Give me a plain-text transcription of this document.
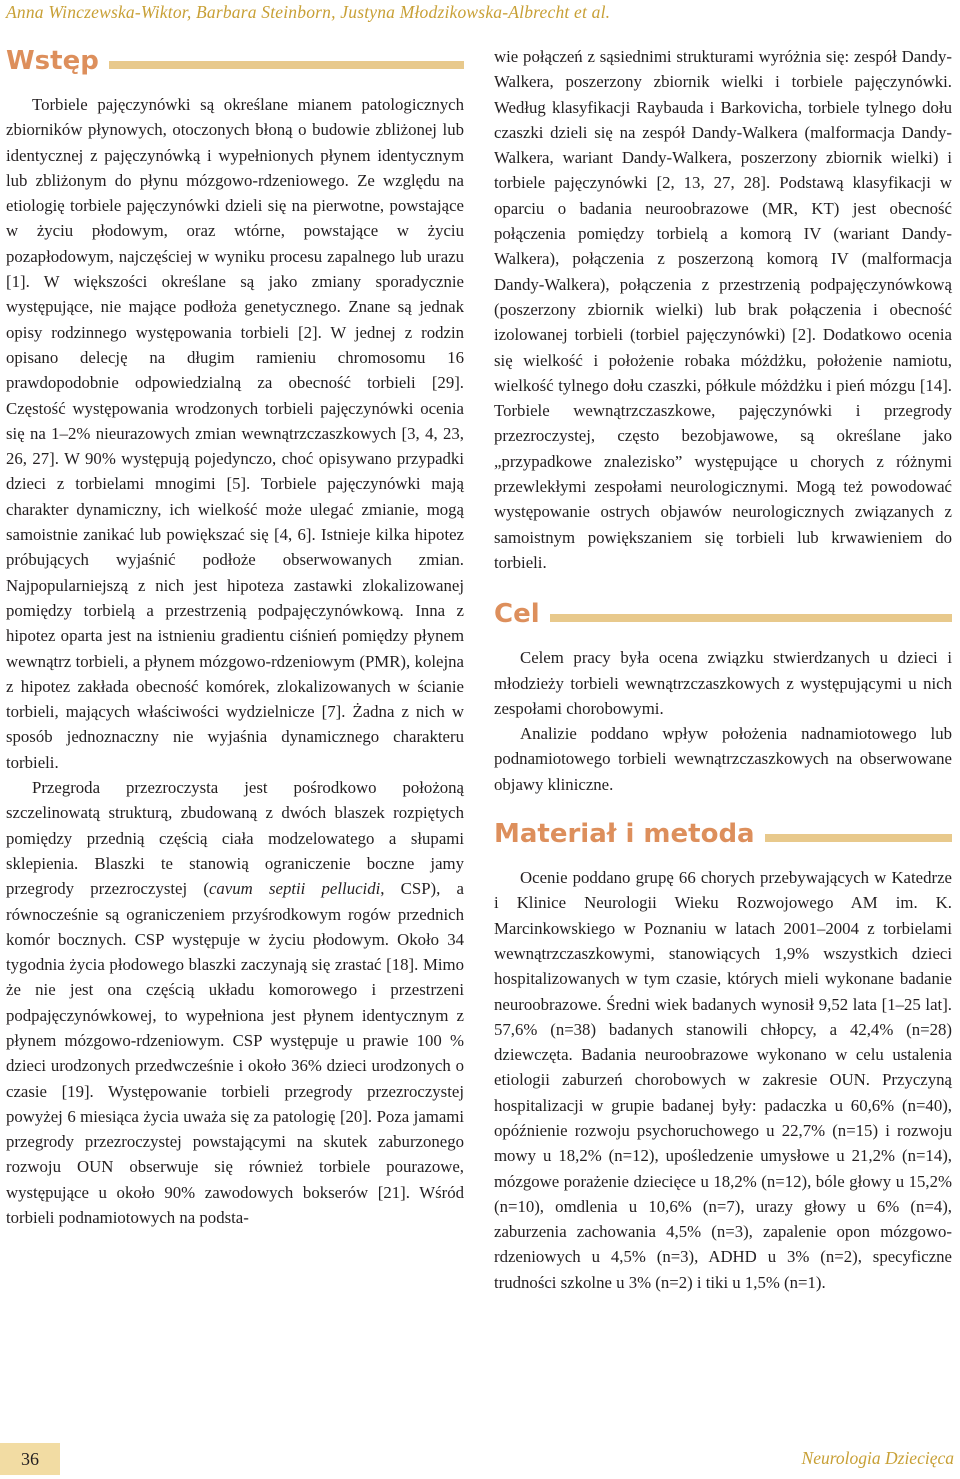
Anna Winczewska-Wiktor, Barbara Steinborn, Justyna Młodzikowska-Albrecht et al.
Wstęp

Torbiele pajęczynówki są określane mianem patologicznych zbiorników płynowych, otoczonych błoną o budowie zbliżonej lub identycznej z pajęczynówką i wypełnionych płynem identycznym lub zbliżonym do płynu mózgowo-rdzeniowego. Ze względu na etiologię torbiele pajęczynówki dzieli się na pierwotne, powstające w życiu płodowym, oraz wtórne, powstające w życiu pozapłodowym, najczęściej w wyniku procesu zapalnego lub urazu [1]. W większości określane są jako zmiany sporadycznie występujące, nie mające podłoża genetycznego. Znane są jednak opisy rodzinnego występowania torbieli [2]. W jednej z rodzin opisano delecję na długim ramieniu chromosomu 16 prawdopodobnie odpowiedzialną za obecność torbieli [29]. Częstość występowania wrodzonych torbieli pajęczynówki ocenia się na 1–2% nieurazowych zmian wewnątrzczaszkowych [3, 4, 23, 26, 27]. W 90% występują pojedynczo, choć opisywano przypadki dzieci z torbielami mnogimi [5]. Torbiele pajęczynówki mają charakter dynamiczny, ich wielkość może ulegać zmianie, mogą samoistnie zanikać lub powiększać się [4, 6]. Istnieje kilka hipotez próbujących wyjaśnić podłoże obserwowanych zmian. Najpopularniejszą z nich jest hipoteza zastawki zlokalizowanej pomiędzy torbielą a przestrzenią podpajęczynówkową. Inna z hipotez oparta jest na istnieniu gradientu ciśnień pomiędzy płynem wewnątrz torbieli, a płynem mózgowo-rdzeniowym (PMR), kolejna z hipotez zakłada obecność komórek, zlokalizowanych w ścianie torbieli, mających właściwości wydzielnicze [7]. Żadna z nich w sposób jednoznaczny nie wyjaśnia dynamicznego charakteru torbieli.

Przegroda przezroczysta jest pośrodkowo położoną szczelinowatą strukturą, zbudowaną z dwóch blaszek rozpiętych pomiędzy przednią częścią ciała modzelowatego a słupami sklepienia. Blaszki te stanowią ograniczenie boczne jamy przegrody przezroczystej (cavum septii pellucidi, CSP), a równocześnie są ograniczeniem przyśrodkowym rogów przednich komór bocznych. CSP występuje w życiu płodowym. Około 34 tygodnia życia płodowego blaszki zaczynają się zrastać [18]. Mimo że nie jest ona częścią układu komorowego i przestrzeni podpajęczynówkowej, to wypełniona jest płynem identycznym z płynem mózgowo-rdzeniowym. CSP występuje u prawie 100 % dzieci urodzonych przedwcześnie i około 36% dzieci urodzonych o czasie [19]. Występowanie torbieli przegrody przezroczystej powyżej 6 miesiąca życia uważa się za patologię [20]. Poza jamami przegrody przezroczystej powstającymi na skutek zaburzonego rozwoju OUN obserwuje się również torbiele pourazowe, występujące u około 90% zawodowych bokserów [21]. Wśród torbieli podnamiotowych na podsta-

wie połączeń z sąsiednimi strukturami wyróżnia się: zespół Dandy-Walkera, poszerzony zbiornik wielki i torbiele pajęczynówki. Według klasyfikacji Raybauda i Barkovicha, torbiele tylnego dołu czaszki dzieli się na zespół Dandy-Walkera (malformacja Dandy-Walkera, wariant Dandy-Walkera, poszerzony zbiornik wielki) i torbiele pajęczynówki [2, 13, 27, 28]. Podstawą klasyfikacji w oparciu o badania neuroobrazowe (MR, KT) jest obecność połączenia pomiędzy torbielą a komorą IV (wariant Dandy-Walkera), połączenia z poszerzoną komorą IV (malformacja Dandy-Walkera), połączenia z przestrzenią podpajęczynówkową (poszerzony zbiornik wielki) lub brak połączenia i obecność izolowanej torbieli (torbiel pajęczynówki) [2]. Dodatkowo ocenia się wielkość i położenie robaka móżdżku, położenie namiotu, wielkość tylnego dołu czaszki, półkule móżdżku i pień mózgu [14]. Torbiele wewnątrzczaszkowe, pajęczynówki i przegrody przezroczystej, często bezobjawowe, są określane jako „przypadkowe znalezisko” występujące u chorych z różnymi przewlekłymi zespołami neurologicznymi. Mogą też powodować występowanie ostrych objawów neurologicznych związanych z samoistnym powiększaniem się torbieli lub krwawieniem do torbieli.

Cel

Celem pracy była ocena związku stwierdzanych u dzieci i młodzieży torbieli wewnątrzczaszkowych z występującymi u nich zespołami chorobowymi.

Analizie poddano wpływ położenia nadnamiotowego lub podnamiotowego torbieli wewnątrzczaszkowych na obserwowane objawy kliniczne.

Materiał i metoda

Ocenie poddano grupę 66 chorych przebywających w Katedrze i Klinice Neurologii Wieku Rozwojowego AM im. K. Marcinkowskiego w Poznaniu w latach 2001–2004 z torbielami wewnątrzczaszkowymi, stanowiących 1,9% wszystkich dzieci hospitalizowanych w tym czasie, których mieli wykonane badanie neuroobrazowe. Średni wiek badanych wynosił 9,52 lata [1–25 lat]. 57,6% (n=38) badanych stanowili chłopcy, a 42,4% (n=28) dziewczęta. Badania neuroobrazowe wykonano w celu ustalenia etiologii zaburzeń chorobowych w zakresie OUN. Przyczyną hospitalizacji w grupie badanej były: padaczka u 60,6% (n=40), opóźnienie rozwoju psychoruchowego u 22,7% (n=15) i rozwoju mowy u 18,2% (n=12), upośledzenie umysłowe u 21,2% (n=14), mózgowe porażenie dziecięce u 18,2% (n=12), bóle głowy u 15,2% (n=10), omdlenia u 10,6% (n=7), urazy głowy u 6% (n=4), zaburzenia zachowania 4,5% (n=3), zapalenie opon mózgowo-rdzeniowych u 4,5% (n=3), ADHD u 3% (n=2), specyficzne trudności szkolne u 3% (n=2) i tiki u 1,5% (n=1).

36	Neurologia Dziecięca
